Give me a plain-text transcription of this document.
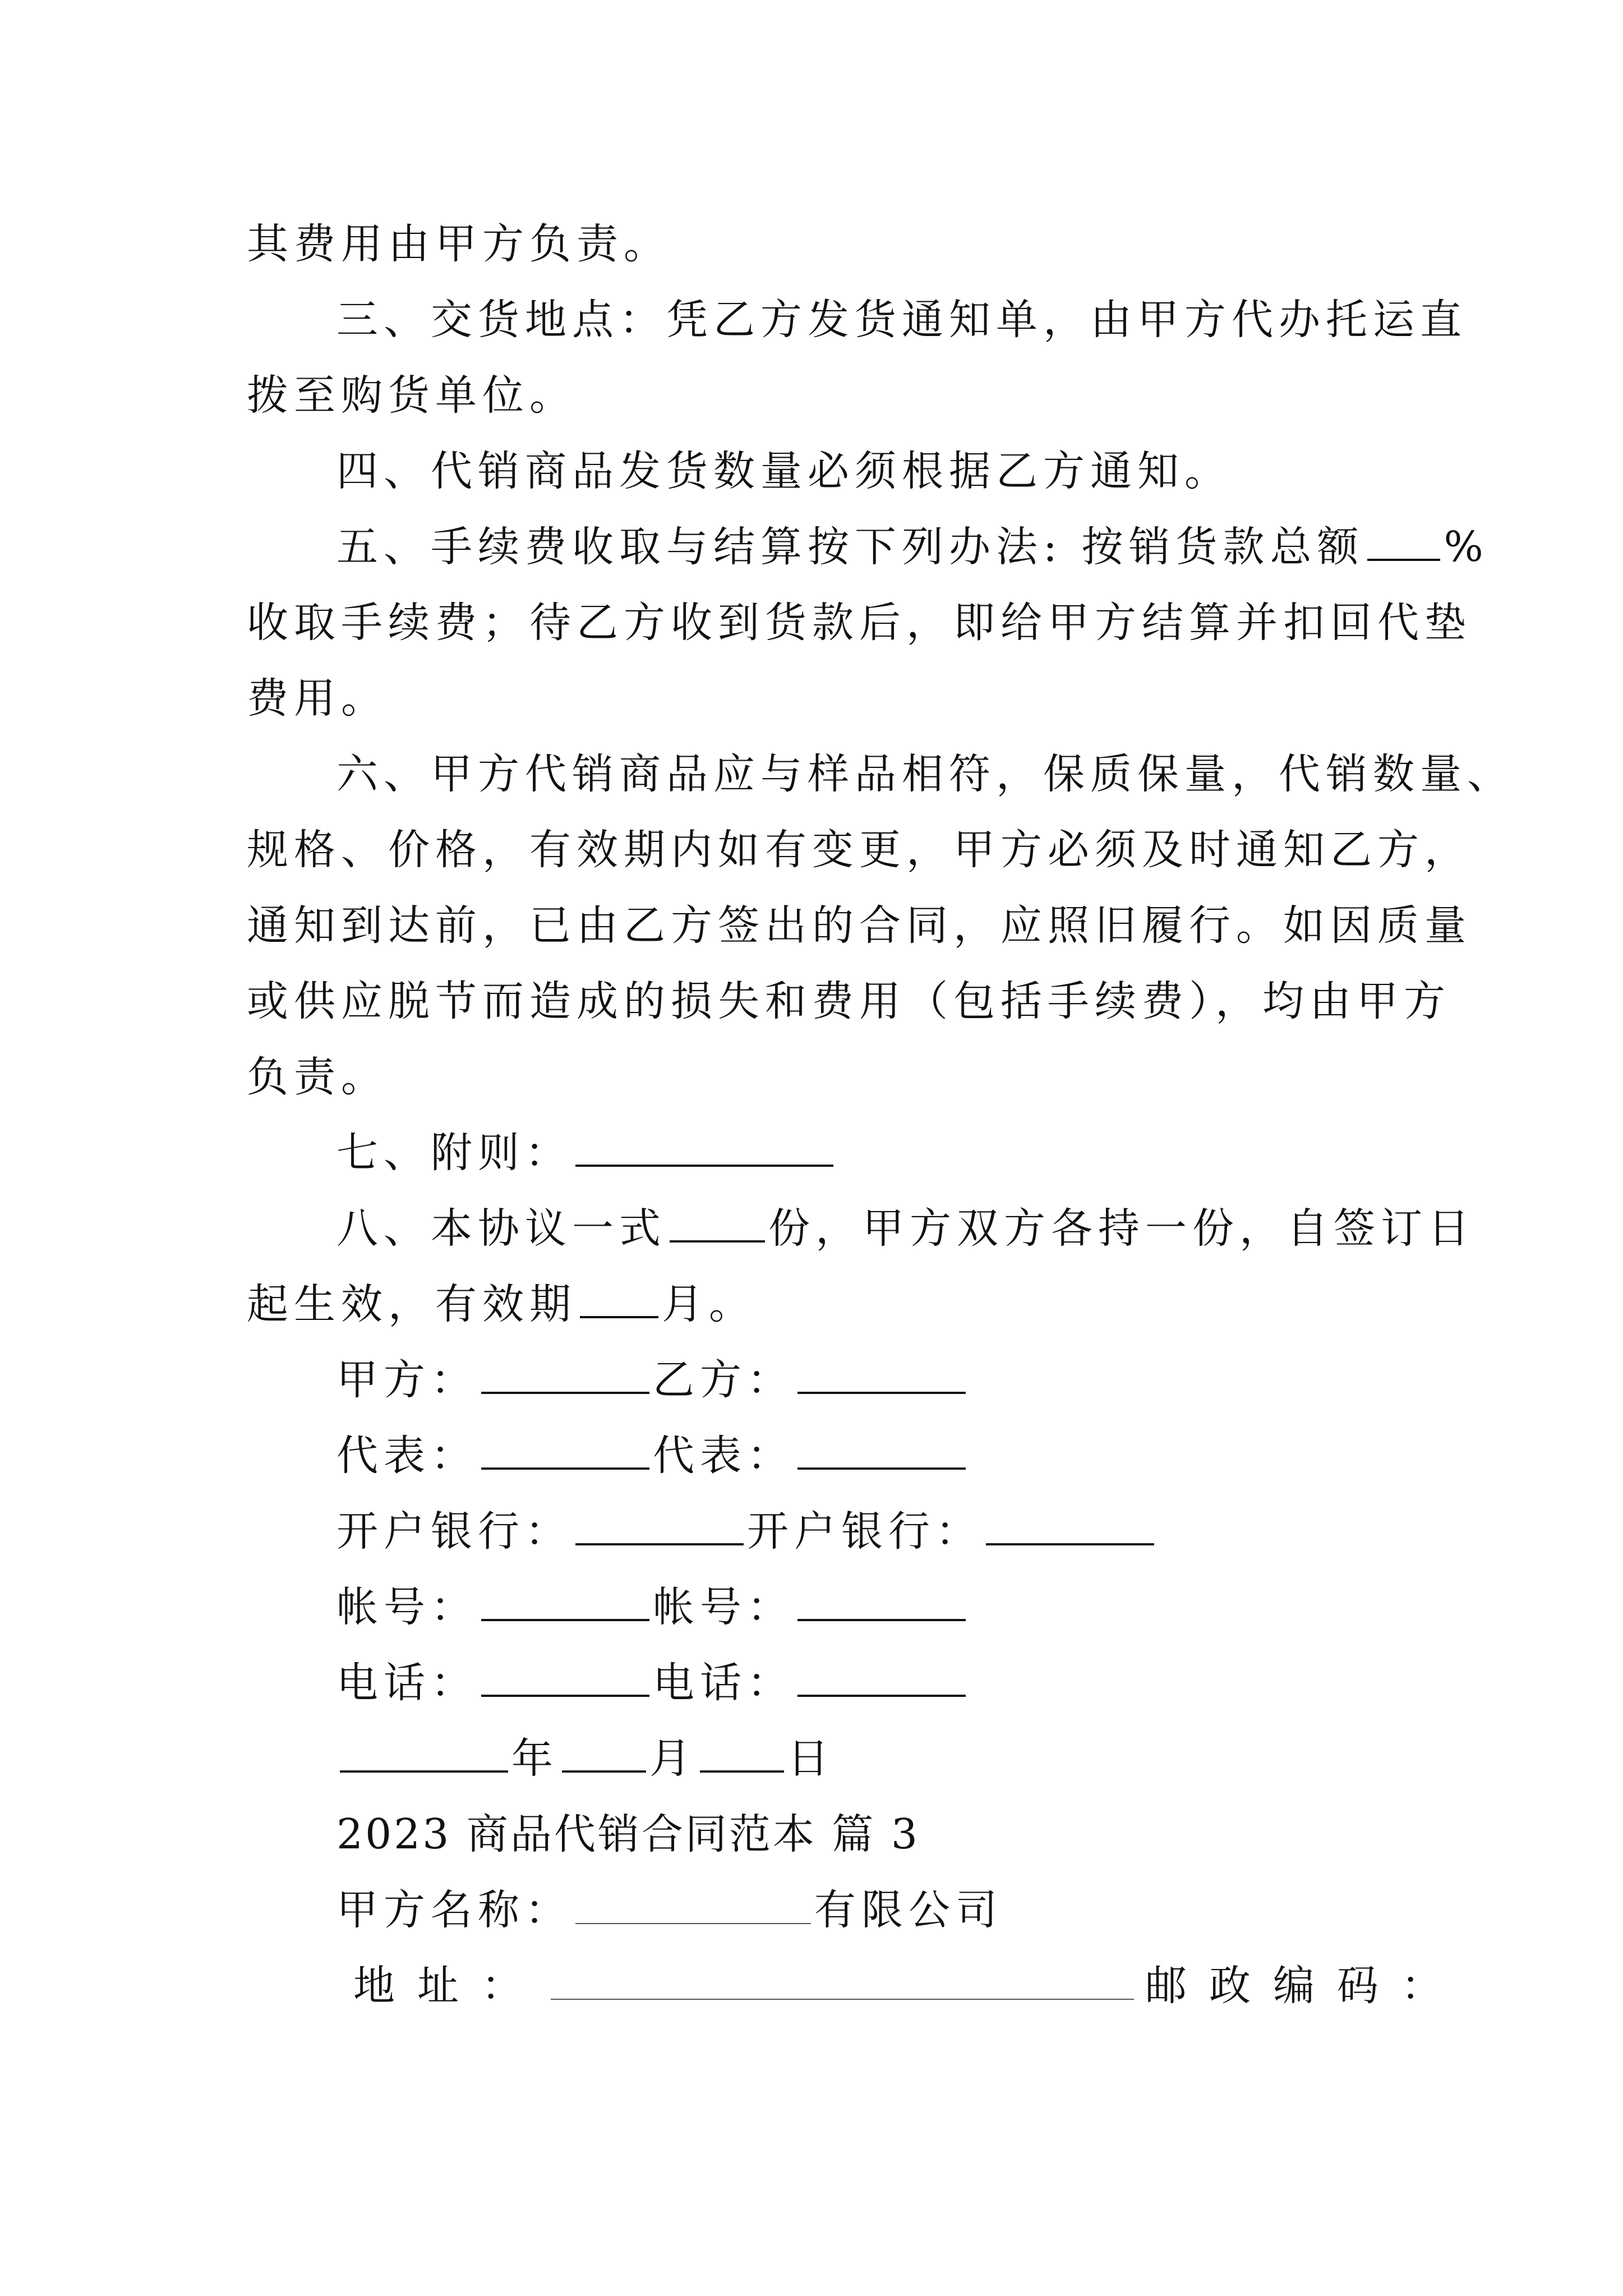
其费用由甲方负责。
三、交货地点：凭乙方发货通知单，由甲方代办托运直
拨至购货单位。
四、代销商品发货数量必须根据乙方通知。
五、手续费收取与结算按下列办法: 按销货款总额 %
收取手续费；待乙方收到货款后，即给甲方结算并扣回代垫
费用。
六、甲方代销商品应与样品相符，保质保量，代销数量、
规格、价格，有效期内如有变更，甲方必须及时通知乙方，
通知到达前，已由乙方签出的合同，应照旧履行。如因质量
或供应脱节而造成的损失和费用（包括手续费），均由甲方
负责。
七、附则：
八、本协议一式 份，甲方双方各持一份，自签订日
起生效，有效期 月。
甲方：	乙方：
代表：	代表：
开户银行：	开户银行：
帐号：	帐号：
电话：	电话：
年 月 日
2023 商品代销合同范本 篇 3
甲方名称：	有限公司
地址：	邮政编码：
